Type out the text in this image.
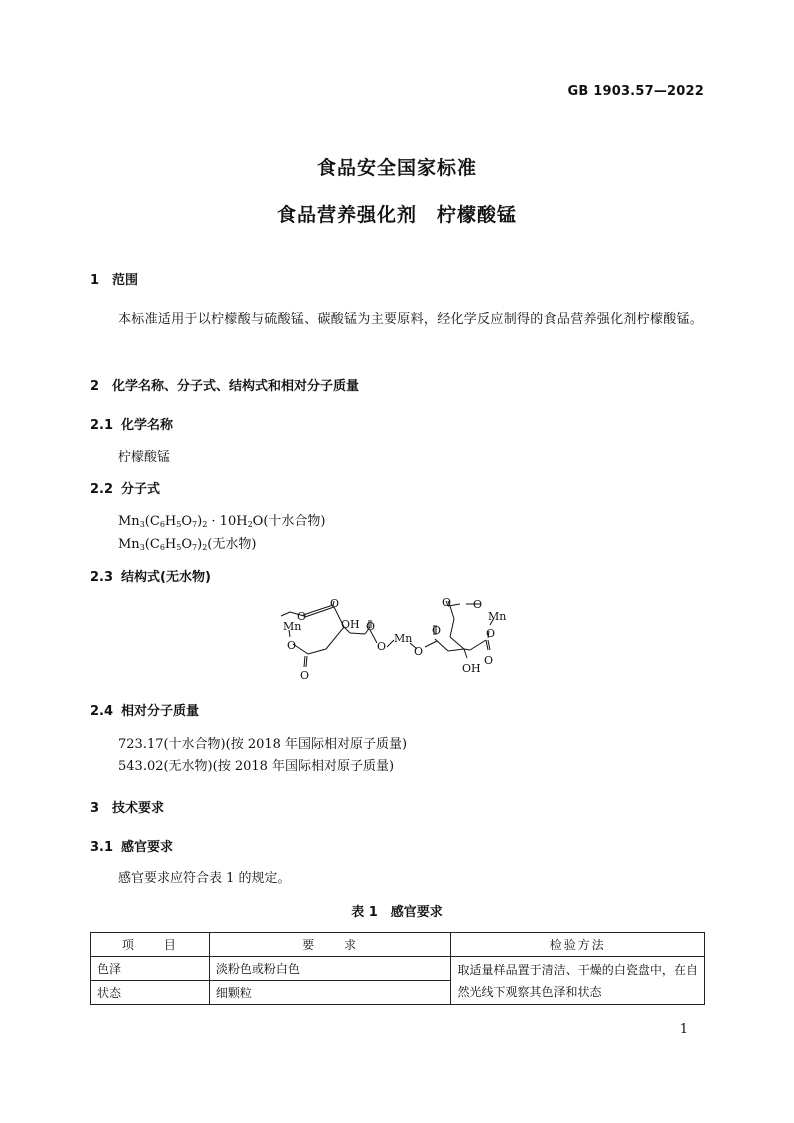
GB 1903.57—2022
食品安全国家标准
食品营养强化剂　柠檬酸锰
1 范围
本标准适用于以柠檬酸与硫酸锰、碳酸锰为主要原料，经化学反应制得的食品营养强化剂柠檬酸锰。
2 化学名称、分子式、结构式和相对分子质量
2.1 化学名称
柠檬酸锰
2.2 分子式
$Mn_3(C_6H_5O_7)_2 \cdot 10H_2O$(十水合物)
$Mn_3(C_6H_5O_7)_2$(无水物)
2.3 结构式(无水物)
O
O
Mn
O
O
OH O
O
Mn
O
O
O O
Mn
O
O
OH
2.4 相对分子质量
723.17(十水合物)(按 2018 年国际相对原子质量)
543.02(无水物)(按 2018 年国际相对原子质量)
3 技术要求
3.1 感官要求
感官要求应符合表 1 的规定。
表 1　感官要求
项　　目	要　　求	检验方法
色泽	淡粉色或粉白色	取适量样品置于清洁、干燥的白瓷盘中，在自然光线下观察其色泽和状态
状态	细颗粒	
1
